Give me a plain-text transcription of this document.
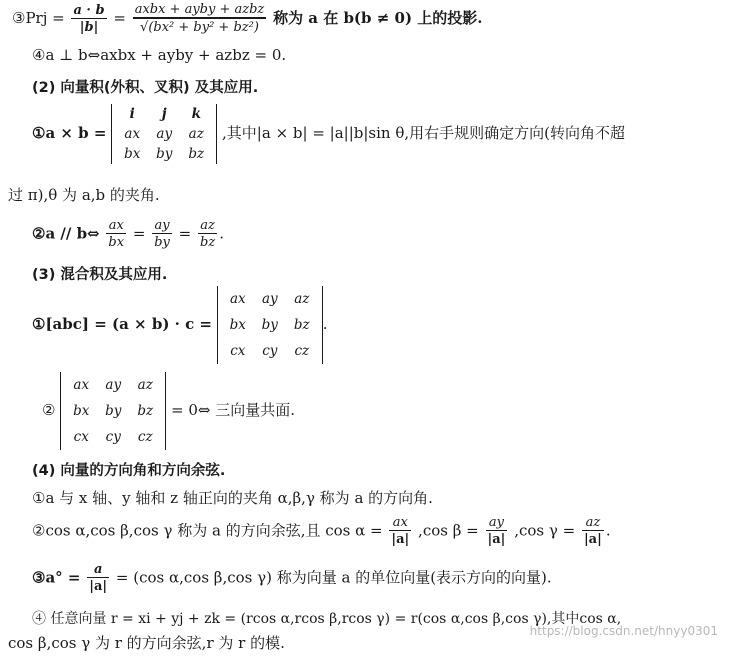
③Prj = $\frac{a \cdot b}{|b|} = \frac{\text{axbx + ayby + azbz}}{\text{√(bx² + by² + bz²)}}$ 称为 a 在 b(b ≠ 0) 上的投影.
④a ⊥ b⇔axbx + ayby + azbz = 0.
(2) 向量积(外积、叉积) 及其应用.
①a × b =
i	j	k
ax	ay	az
bx	by	bz
,其中|a × b| = |a||b|sin θ,用右手规则确定方向(转向角不超
过 π),θ 为 a,b 的夹角.
②a // b⇔ $\frac{ax}{bx} = \frac{ay}{by} = \frac{az}{bz}$ .
(3) 混合积及其应用.
①[abc] = (a × b) · c =
ax	ay	az
bx	by	bz
cx	cy	cz
.
②
ax	ay	az
bx	by	bz
cx	cy	cz
= 0⇔ 三向量共面.
(4) 向量的方向角和方向余弦.
①a 与 x 轴、y 轴和 z 轴正向的夹角 α,β,γ 称为 a 的方向角.
②cos α,cos β,cos γ 称为 a 的方向余弦,且 $\cos \alpha = \frac{ax}{|a|} ,\cos$ $\beta = \frac{ay}{|a|} ,\cos$ $\gamma = \frac{az}{|a|}$ .
③a° = $\frac{a}{|a|} = (\cos$ α,cos β,cos γ) 称为向量 a 的单位向量(表示方向的向量).
④ 任意向量 r = xi + yj + zk = (rcos α,rcos β,rcos γ) = r(cos α,cos β,cos γ),其中cos α,
cos β,cos γ 为 r 的方向余弦,r 为 r 的模.
https://blog.csdn.net/hnyy0301
